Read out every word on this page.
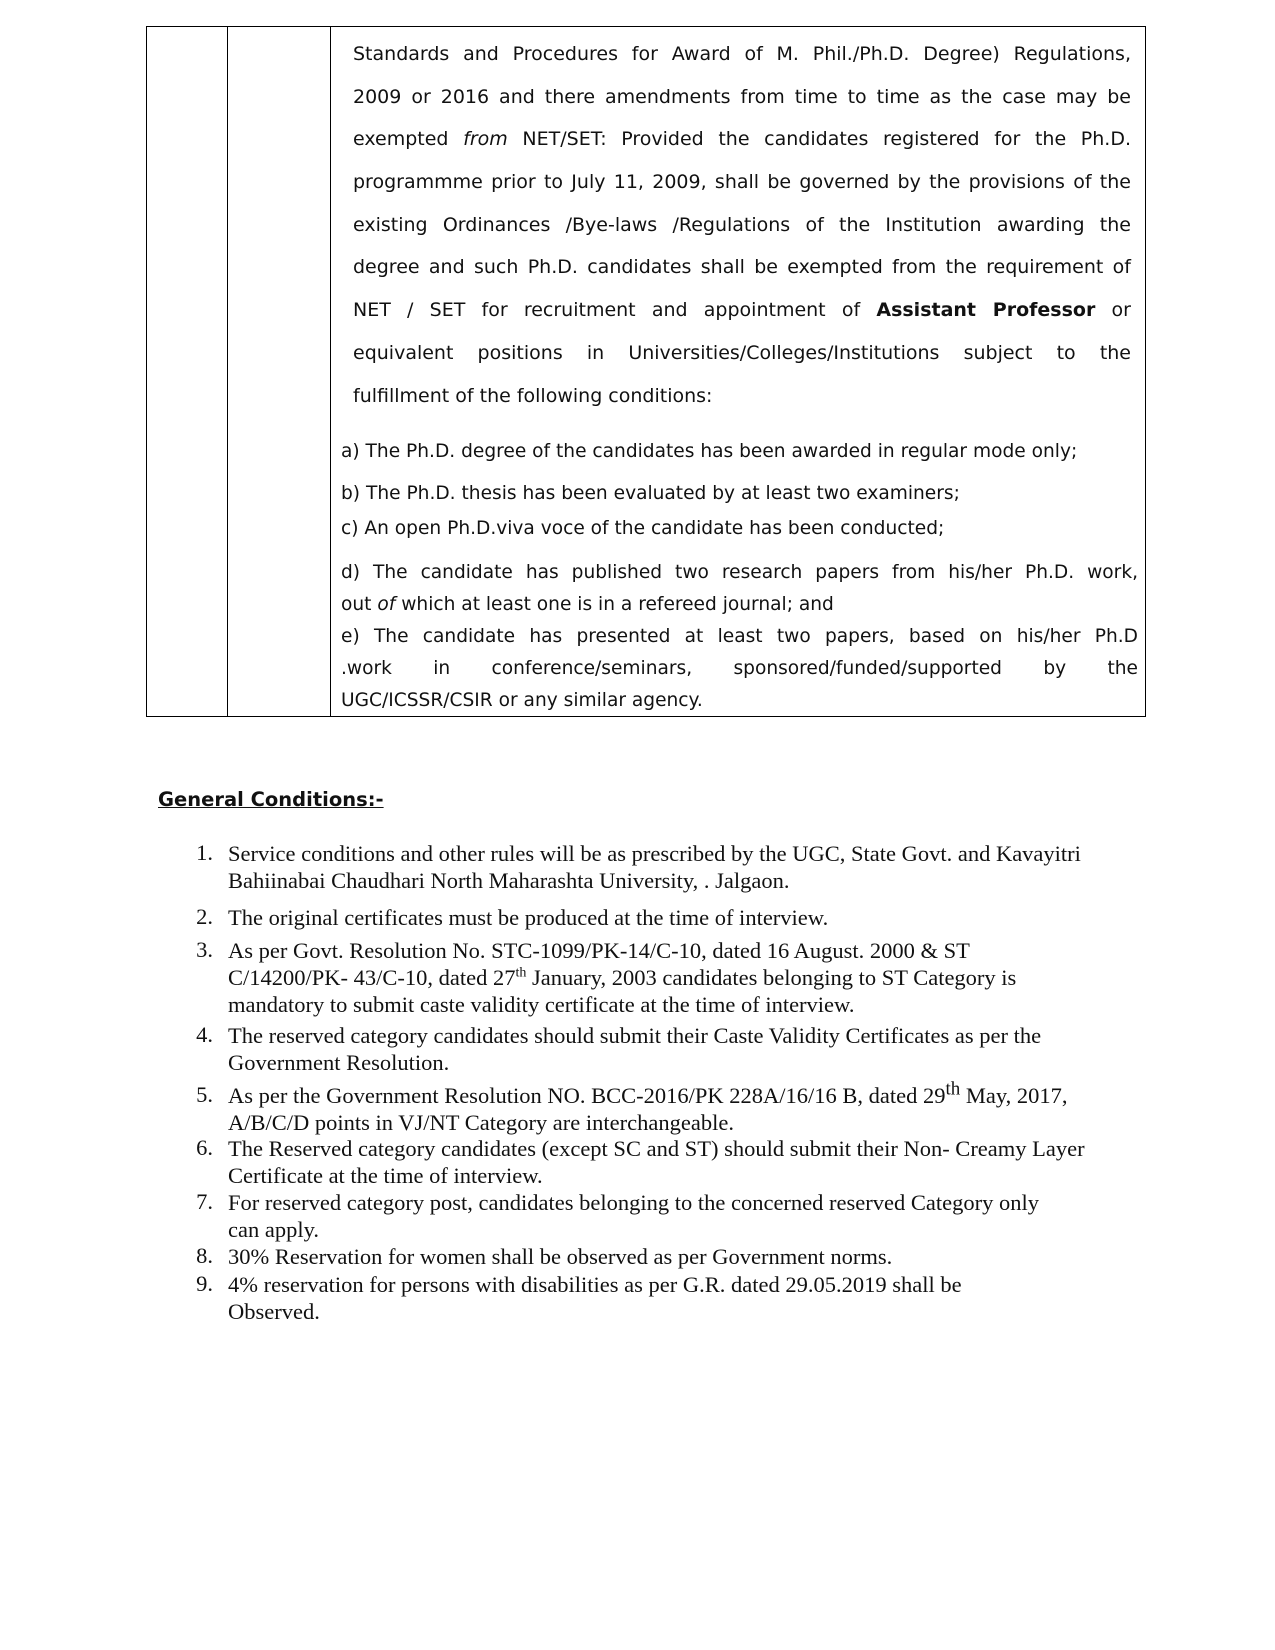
Standards and Procedures for Award of M. Phil./Ph.D. Degree) Regulations,
2009 or 2016 and there amendments from time to time as the case may be
exempted from NET/SET: Provided the candidates registered for the Ph.D.
programmme prior to July 11, 2009, shall be governed by the provisions of the
existing Ordinances /Bye-laws /Regulations of the Institution awarding the
degree and such Ph.D. candidates shall be exempted from the requirement of
NET / SET for recruitment and appointment of Assistant Professor or
equivalent positions in Universities/Colleges/Institutions subject to the
fulfillment of the following conditions:
a) The Ph.D. degree of the candidates has been awarded in regular mode only;
b) The Ph.D. thesis has been evaluated by at least two examiners;
c) An open Ph.D.viva voce of the candidate has been conducted;
d) The candidate has published two research papers from his/her Ph.D. work,
out of which at least one is in a refereed journal; and
e) The candidate has presented at least two papers, based on his/her Ph.D
.work in conference/seminars, sponsored/funded/supported by the
UGC/ICSSR/CSIR or any similar agency.
General Conditions:-
1. Service conditions and other rules will be as prescribed by the UGC, State Govt. and Kavayitri
Bahiinabai Chaudhari North Maharashta University, . Jalgaon.
2. The original certificates must be produced at the time of interview.
3. As per Govt. Resolution No. STC-1099/PK-14/C-10, dated 16 August. 2000 & ST
C/14200/PK- 43/C-10, dated 27th January, 2003 candidates belonging to ST Category is
mandatory to submit caste validity certificate at the time of interview.
4. The reserved category candidates should submit their Caste Validity Certificates as per the
Government Resolution.
5. As per the Government Resolution NO. BCC-2016/PK 228A/16/16 B, dated 29th May, 2017,
A/B/C/D points in VJ/NT Category are interchangeable.
6. The Reserved category candidates (except SC and ST) should submit their Non- Creamy Layer
Certificate at the time of interview.
7. For reserved category post, candidates belonging to the concerned reserved Category only
can apply.
8. 30% Reservation for women shall be observed as per Government norms.
9. 4% reservation for persons with disabilities as per G.R. dated 29.05.2019 shall be
Observed.
